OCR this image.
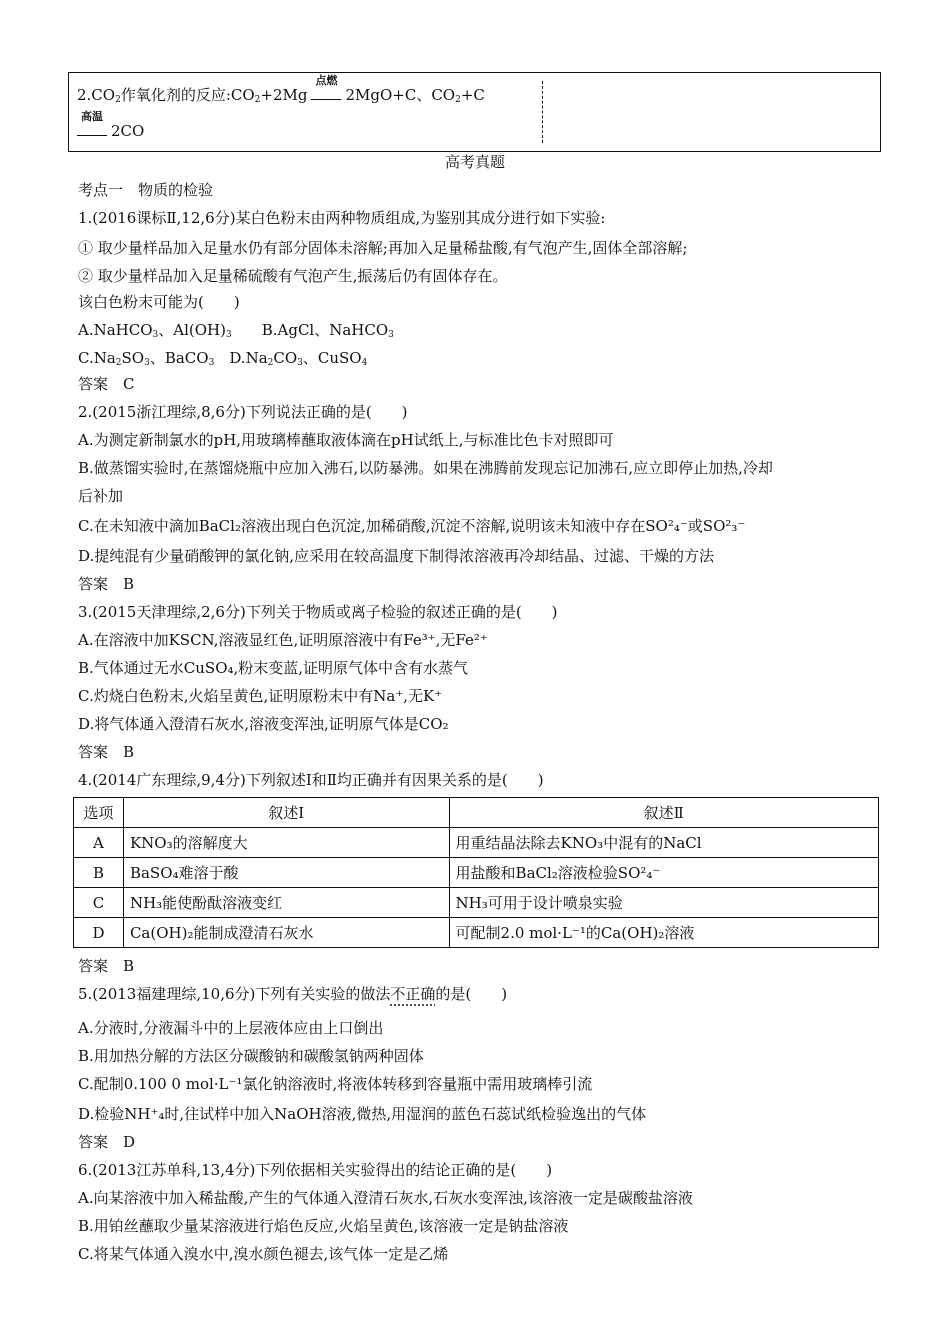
$2.CO_2$作氧化剂的反应$:CO_2+2Mg$
点燃
2MgO+C、$CO_2+C$
高温
2CO
高考真题
考点一　物质的检验
1.(2016课标Ⅱ,12,6分)某白色粉末由两种物质组成,为鉴别其成分进行如下实验:
① 取少量样品加入足量水仍有部分固体未溶解;再加入足量稀盐酸,有气泡产生,固体全部溶解;
② 取少量样品加入足量稀硫酸有气泡产生,振荡后仍有固体存在。
该白色粉末可能为(　　)
A.NaHCO$_3$、$Al(OH)_3$　　B.AgCl、NaHCO$_3$
$C.Na_2SO_3$、BaCO$_3$　$D.Na_2CO_3$、CuSO$_4$
答案　C
2.(2015浙江理综,8,6分)下列说法正确的是(　　)
A.为测定新制氯水的pH,用玻璃棒蘸取液体滴在pH试纸上,与标准比色卡对照即可
B.做蒸馏实验时,在蒸馏烧瓶中应加入沸石,以防暴沸。如果在沸腾前发现忘记加沸石,应立即停止加热,冷却
后补加
C.在未知液中滴加BaCl₂溶液出现白色沉淀,加稀硝酸,沉淀不溶解,说明该未知液中存在SO²₄⁻或SO²₃⁻
D.提纯混有少量硝酸钾的氯化钠,应采用在较高温度下制得浓溶液再冷却结晶、过滤、干燥的方法
答案　B
3.(2015天津理综,2,6分)下列关于物质或离子检验的叙述正确的是(　　)
A.在溶液中加KSCN,溶液显红色,证明原溶液中有Fe³⁺,无Fe²⁺
B.气体通过无水CuSO₄,粉末变蓝,证明原气体中含有水蒸气
C.灼烧白色粉末,火焰呈黄色,证明原粉末中有Na⁺,无K⁺
D.将气体通入澄清石灰水,溶液变浑浊,证明原气体是CO₂
答案　B
4.(2014广东理综,9,4分)下列叙述Ⅰ和Ⅱ均正确并有因果关系的是(　　)
选项	叙述Ⅰ	叙述Ⅱ
A	KNO₃的溶解度大	用重结晶法除去KNO₃中混有的NaCl
B	BaSO₄难溶于酸	用盐酸和BaCl₂溶液检验SO²₄⁻
C	NH₃能使酚酞溶液变红	NH₃可用于设计喷泉实验
D	Ca(OH)₂能制成澄清石灰水	可配制2.0 mol·L⁻¹的Ca(OH)₂溶液
答案　B
5.(2013福建理综,10,6分)下列有关实验的做法不正确的是(　　)
A.分液时,分液漏斗中的上层液体应由上口倒出
B.用加热分解的方法区分碳酸钠和碳酸氢钠两种固体
C.配制0.100 0 mol·L⁻¹氯化钠溶液时,将液体转移到容量瓶中需用玻璃棒引流
D.检验NH⁺₄时,往试样中加入NaOH溶液,微热,用湿润的蓝色石蕊试纸检验逸出的气体
答案　D
6.(2013江苏单科,13,4分)下列依据相关实验得出的结论正确的是(　　)
A.向某溶液中加入稀盐酸,产生的气体通入澄清石灰水,石灰水变浑浊,该溶液一定是碳酸盐溶液
B.用铂丝蘸取少量某溶液进行焰色反应,火焰呈黄色,该溶液一定是钠盐溶液
C.将某气体通入溴水中,溴水颜色褪去,该气体一定是乙烯
